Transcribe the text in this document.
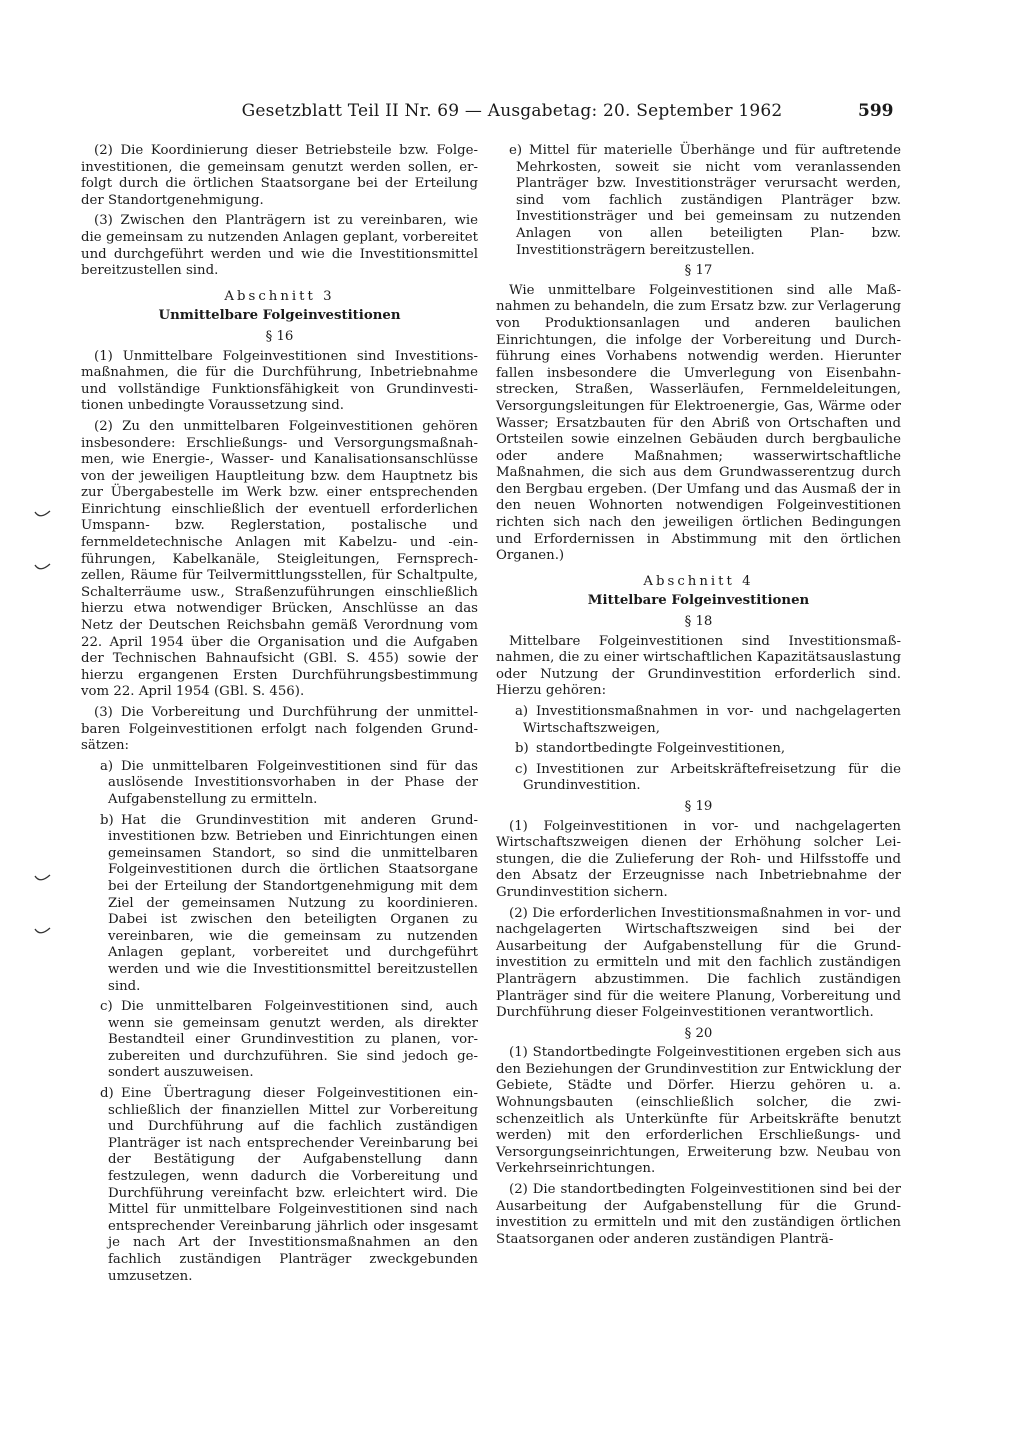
Gesetzblatt Teil II Nr. 69 — Ausgabetag: 20. September 1962	599

(2) Die Koordinierung dieser Betriebsteile bzw. Folgeinvestitionen, die gemeinsam genutzt werden sollen, erfolgt durch die örtlichen Staatsorgane bei der Erteilung der Standortgenehmigung.

(3) Zwischen den Planträgern ist zu vereinbaren, wie die gemeinsam zu nutzenden Anlagen geplant, vorbereitet und durchgeführt werden und wie die Investitionsmittel bereitzustellen sind.

Abschnitt 3
Unmittelbare Folgeinvestitionen
§ 16

(1) Unmittelbare Folgeinvestitionen sind Investitionsmaßnahmen, die für die Durchführung, Inbetriebnahme und vollständige Funktionsfähigkeit von Grundinvestitionen unbedingte Voraussetzung sind.

(2) Zu den unmittelbaren Folgeinvestitionen gehören insbesondere: Erschließungs- und Versorgungsmaßnahmen, wie Energie-, Wasser- und Kanalisationsanschlüsse von der jeweiligen Hauptleitung bzw. dem Hauptnetz bis zur Übergabestelle im Werk bzw. einer entsprechenden Einrichtung einschließlich der eventuell erforderlichen Umspann- bzw. Reglerstation, postalische und fernmeldetechnische Anlagen mit Kabelzu- und -einführungen, Kabelkanäle, Steigleitungen, Fernsprechzellen, Räume für Teilvermittlungsstellen, für Schaltpulte, Schalterräume usw., Straßenzuführungen einschließlich hierzu etwa notwendiger Brücken, Anschlüsse an das Netz der Deutschen Reichsbahn gemäß Verordnung vom 22. April 1954 über die Organisation und die Aufgaben der Technischen Bahnaufsicht (GBl. S. 455) sowie der hierzu ergangenen Ersten Durchführungsbestimmung vom 22. April 1954 (GBl. S. 456).

(3) Die Vorbereitung und Durchführung der unmittelbaren Folgeinvestitionen erfolgt nach folgenden Grundsätzen:

a) Die unmittelbaren Folgeinvestitionen sind für das auslösende Investitionsvorhaben in der Phase der Aufgabenstellung zu ermitteln.

b) Hat die Grundinvestition mit anderen Grundinvestitionen bzw. Betrieben und Einrichtungen einen gemeinsamen Standort, so sind die unmittelbaren Folgeinvestitionen durch die örtlichen Staatsorgane bei der Erteilung der Standortgenehmigung mit dem Ziel der gemeinsamen Nutzung zu koordinieren. Dabei ist zwischen den beteiligten Organen zu vereinbaren, wie die gemeinsam zu nutzenden Anlagen geplant, vorbereitet und durchgeführt werden und wie die Investitionsmittel bereitzustellen sind.

c) Die unmittelbaren Folgeinvestitionen sind, auch wenn sie gemeinsam genutzt werden, als direkter Bestandteil einer Grundinvestition zu planen, vorzubereiten und durchzuführen. Sie sind jedoch gesondert auszuweisen.

d) Eine Übertragung dieser Folgeinvestitionen einschließlich der finanziellen Mittel zur Vorbereitung und Durchführung auf die fachlich zuständigen Planträger ist nach entsprechender Vereinbarung bei der Bestätigung der Aufgabenstellung dann festzulegen, wenn dadurch die Vorbereitung und Durchführung vereinfacht bzw. erleichtert wird. Die Mittel für unmittelbare Folgeinvestitionen sind nach entsprechender Vereinbarung jährlich oder insgesamt je nach Art der Investitionsmaßnahmen an den fachlich zuständigen Planträger zweckgebunden umzusetzen.

e) Mittel für materielle Überhänge und für auftretende Mehrkosten, soweit sie nicht vom veranlassenden Planträger bzw. Investitionsträger verursacht werden, sind vom fachlich zuständigen Planträger bzw. Investitionsträger und bei gemeinsam zu nutzenden Anlagen von allen beteiligten Plan- bzw. Investitionsträgern bereitzustellen.

§ 17

Wie unmittelbare Folgeinvestitionen sind alle Maßnahmen zu behandeln, die zum Ersatz bzw. zur Verlagerung von Produktionsanlagen und anderen baulichen Einrichtungen, die infolge der Vorbereitung und Durchführung eines Vorhabens notwendig werden. Hierunter fallen insbesondere die Umverlegung von Eisenbahnstrecken, Straßen, Wasserläufen, Fernmeldeleitungen, Versorgungsleitungen für Elektroenergie, Gas, Wärme oder Wasser; Ersatzbauten für den Abriß von Ortschaften und Ortsteilen sowie einzelnen Gebäuden durch bergbauliche oder andere Maßnahmen; wasserwirtschaftliche Maßnahmen, die sich aus dem Grundwasserentzug durch den Bergbau ergeben. (Der Umfang und das Ausmaß der in den neuen Wohnorten notwendigen Folgeinvestitionen richten sich nach den jeweiligen örtlichen Bedingungen und Erfordernissen in Abstimmung mit den örtlichen Organen.)

Abschnitt 4
Mittelbare Folgeinvestitionen
§ 18

Mittelbare Folgeinvestitionen sind Investitionsmaßnahmen, die zu einer wirtschaftlichen Kapazitätsauslastung oder Nutzung der Grundinvestition erforderlich sind. Hierzu gehören:

a) Investitionsmaßnahmen in vor- und nachgelagerten Wirtschaftszweigen,

b) standortbedingte Folgeinvestitionen,

c) Investitionen zur Arbeitskräftefreisetzung für die Grundinvestition.

§ 19

(1) Folgeinvestitionen in vor- und nachgelagerten Wirtschaftszweigen dienen der Erhöhung solcher Leistungen, die die Zulieferung der Roh- und Hilfsstoffe und den Absatz der Erzeugnisse nach Inbetriebnahme der Grundinvestition sichern.

(2) Die erforderlichen Investitionsmaßnahmen in vor- und nachgelagerten Wirtschaftszweigen sind bei der Ausarbeitung der Aufgabenstellung für die Grundinvestition zu ermitteln und mit den fachlich zuständigen Planträgern abzustimmen. Die fachlich zuständigen Planträger sind für die weitere Planung, Vorbereitung und Durchführung dieser Folgeinvestitionen verantwortlich.

§ 20

(1) Standortbedingte Folgeinvestitionen ergeben sich aus den Beziehungen der Grundinvestition zur Entwicklung der Gebiete, Städte und Dörfer. Hierzu gehören u. a. Wohnungsbauten (einschließlich solcher, die zwischenzeitlich als Unterkünfte für Arbeitskräfte benutzt werden) mit den erforderlichen Erschließungs- und Versorgungseinrichtungen, Erweiterung bzw. Neubau von Verkehrseinrichtungen.

(2) Die standortbedingten Folgeinvestitionen sind bei der Ausarbeitung der Aufgabenstellung für die Grundinvestition zu ermitteln und mit den zuständigen örtlichen Staatsorganen oder anderen zuständigen Planträ-
